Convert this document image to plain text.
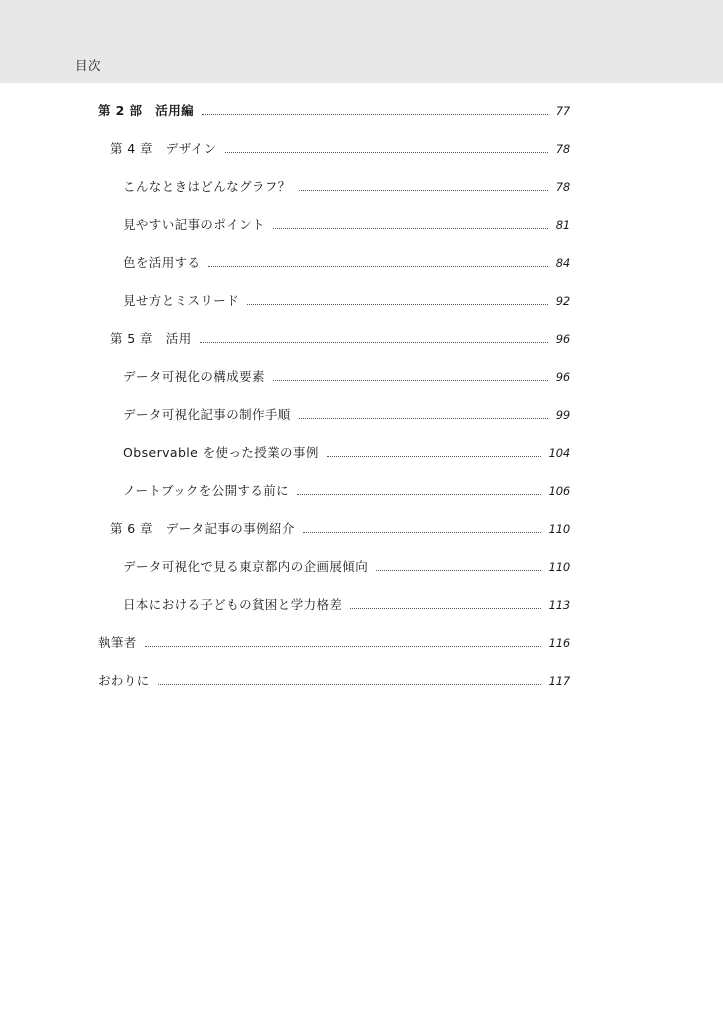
目次
第 2 部　活用編	77
第 4 章　デザイン	78
こんなときはどんなグラフ？	78
見やすい記事のポイント	81
色を活用する	84
見せ方とミスリード	92
第 5 章　活用	96
データ可視化の構成要素	96
データ可視化記事の制作手順	99
Observable を使った授業の事例	104
ノートブックを公開する前に	106
第 6 章　データ記事の事例紹介	110
データ可視化で見る東京都内の企画展傾向	110
日本における子どもの貧困と学力格差	113
執筆者	116
おわりに	117
